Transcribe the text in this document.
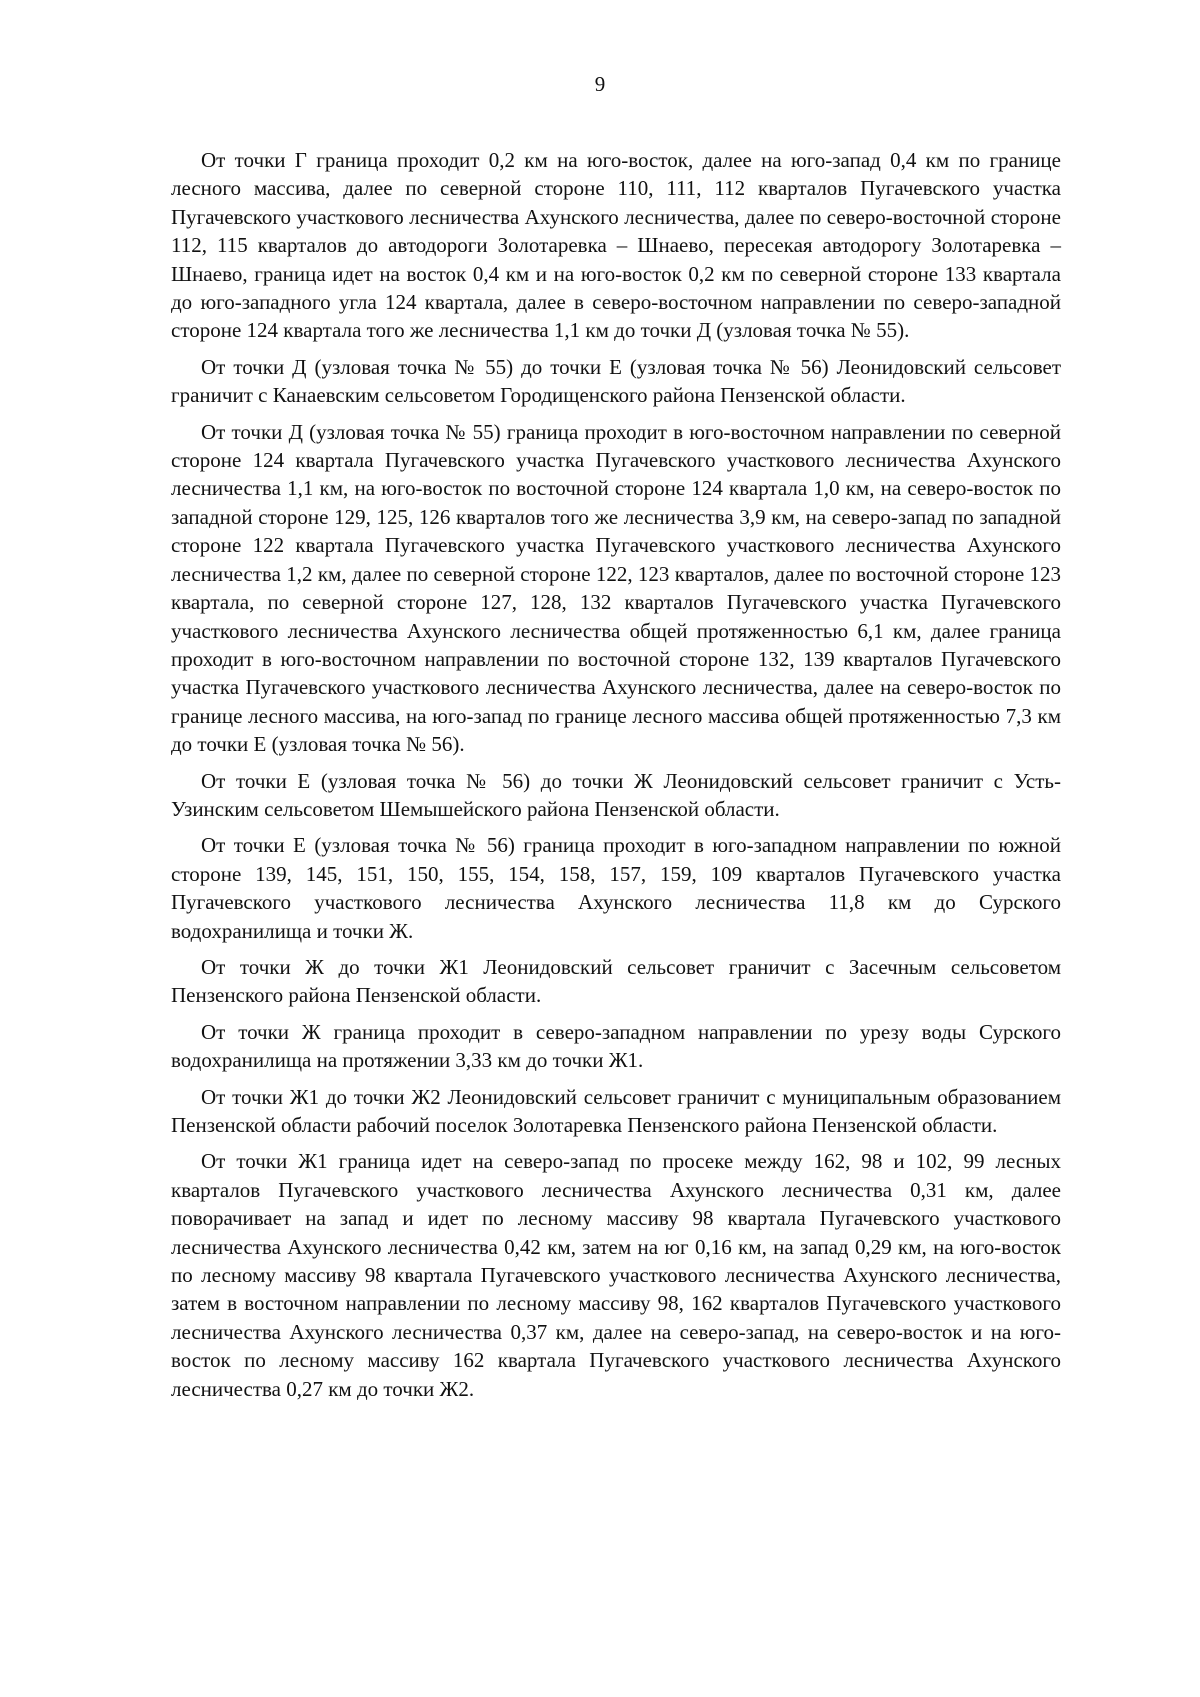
9

От точки Г граница проходит 0,2 км на юго-восток, далее на юго-запад 0,4 км по границе лесного массива, далее по северной стороне 110, 111, 112 кварталов Пугачевского участка Пугачевского участкового лесничества Ахунского лесничества, далее по северо-восточной стороне 112, 115 кварталов до автодороги Золотаревка – Шнаево, пересекая автодорогу Золотаревка – Шнаево, граница идет на восток 0,4 км и на юго-восток 0,2 км по северной стороне 133 квартала до юго-западного угла 124 квартала, далее в северо-восточном направлении по северо-западной стороне 124 квартала того же лесничества 1,1 км до точки Д (узловая точка № 55).

От точки Д (узловая точка № 55) до точки Е (узловая точка № 56) Леонидовский сельсовет граничит с Канаевским сельсоветом Городищенского района Пензенской области.

От точки Д (узловая точка № 55) граница проходит в юго-восточном направлении по северной стороне 124 квартала Пугачевского участка Пугачевского участкового лесничества Ахунского лесничества 1,1 км, на юго-восток по восточной стороне 124 квартала 1,0 км, на северо-восток по западной стороне 129, 125, 126 кварталов того же лесничества 3,9 км, на северо-запад по западной стороне 122 квартала Пугачевского участка Пугачевского участкового лесничества Ахунского лесничества 1,2 км, далее по северной стороне 122, 123 кварталов, далее по восточной стороне 123 квартала, по северной стороне 127, 128, 132 кварталов Пугачевского участка Пугачевского участкового лесничества Ахунского лесничества общей протяженностью 6,1 км, далее граница проходит в юго-восточном направлении по восточной стороне 132, 139 кварталов Пугачевского участка Пугачевского участкового лесничества Ахунского лесничества, далее на северо-восток по границе лесного массива, на юго-запад по границе лесного массива общей протяженностью 7,3 км до точки Е (узловая точка № 56).

От точки Е (узловая точка № 56) до точки Ж Леонидовский сельсовет граничит с Усть-Узинским сельсоветом Шемышейского района Пензенской области.

От точки Е (узловая точка № 56) граница проходит в юго-западном направлении по южной стороне 139, 145, 151, 150, 155, 154, 158, 157, 159, 109 кварталов Пугачевского участка Пугачевского участкового лесничества Ахунского лесничества 11,8 км до Сурского водохранилища и точки Ж.

От точки Ж до точки Ж1 Леонидовский сельсовет граничит с Засечным сельсоветом Пензенского района Пензенской области.

От точки Ж граница проходит в северо-западном направлении по урезу воды Сурского водохранилища на протяжении 3,33 км до точки Ж1.

От точки Ж1 до точки Ж2 Леонидовский сельсовет граничит с муниципальным образованием Пензенской области рабочий поселок Золотаревка Пензенского района Пензенской области.

От точки Ж1 граница идет на северо-запад по просеке между 162, 98 и 102, 99 лесных кварталов Пугачевского участкового лесничества Ахунского лесничества 0,31 км, далее поворачивает на запад и идет по лесному массиву 98 квартала Пугачевского участкового лесничества Ахунского лесничества 0,42 км, затем на юг 0,16 км, на запад 0,29 км, на юго-восток по лесному массиву 98 квартала Пугачевского участкового лесничества Ахунского лесничества, затем в восточном направлении по лесному массиву 98, 162 кварталов Пугачевского участкового лесничества Ахунского лесничества 0,37 км, далее на северо-запад, на северо-восток и на юго-восток по лесному массиву 162 квартала Пугачевского участкового лесничества Ахунского лесничества 0,27 км до точки Ж2.
